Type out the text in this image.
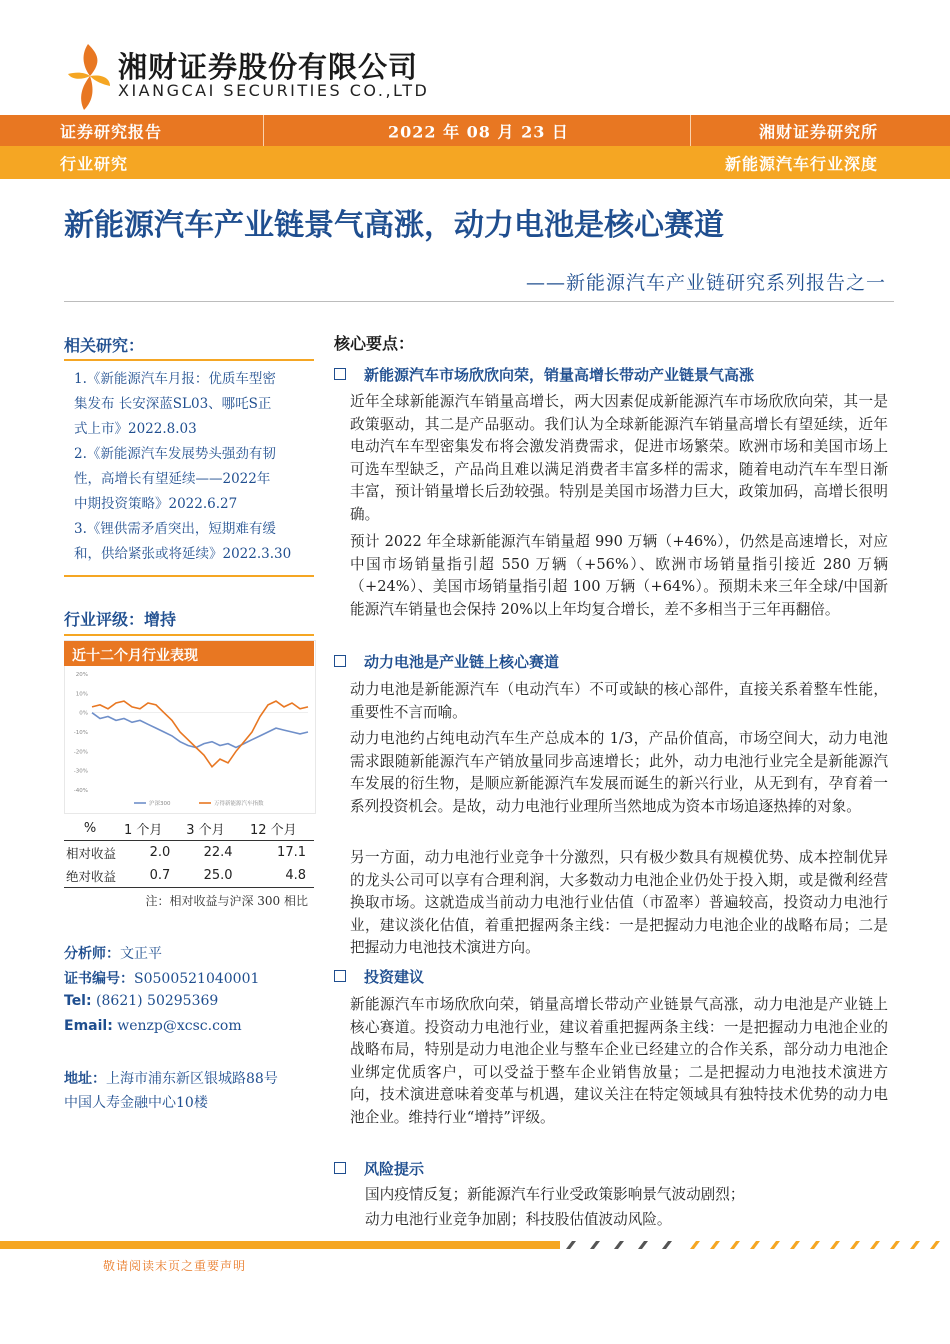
湘财证券股份有限公司
XIANGCAI SECURITIES CO.,LTD
证券研究报告	2022 年 08 月 23 日	湘财证券研究所
行业研究	新能源汽车行业深度
新能源汽车产业链景气高涨，动力电池是核心赛道
——新能源汽车产业链研究系列报告之一
相关研究：
1.《新能源汽车月报：优质车型密
集发布 长安深蓝SL03、哪吒S正
式上市》2022.8.03
2.《新能源汽车发展势头强劲有韧
性，高增长有望延续——2022年
中期投资策略》2022.6.27
3.《锂供需矛盾突出，短期难有缓
和，供给紧张或将延续》2022.3.30
行业评级：增持
近十二个月行业表现
20%
10%
0%
-10%
-20%
-30%
-40%
沪深300	万得新能源汽车指数
%	1 个月	3 个月	12 个月
相对收益	2.0	22.4	17.1
绝对收益	0.7	25.0	4.8
注：相对收益与沪深 300 相比
分析师：文正平
证书编号：S0500521040001
Tel: (8621) 50295369
Email: wenzp@xcsc.com
地址：上海市浦东新区银城路88号
中国人寿金融中心10楼
核心要点：
新能源汽车市场欣欣向荣，销量高增长带动产业链景气高涨
近年全球新能源汽车销量高增长，两大因素促成新能源汽车市场欣欣向荣，其一是政策驱动，其二是产品驱动。我们认为全球新能源汽车销量高增长有望延续，近年电动汽车车型密集发布将会激发消费需求，促进市场繁荣。欧洲市场和美国市场上可选车型缺乏，产品尚且难以满足消费者丰富多样的需求，随着电动汽车车型日渐丰富，预计销量增长后劲较强。特别是美国市场潜力巨大，政策加码，高增长很明确。
预计 2022 年全球新能源汽车销量超 990 万辆（+46%），仍然是高速增长，对应中国市场销量指引超 550 万辆（+56%）、欧洲市场销量指引接近 280 万辆（+24%）、美国市场销量指引超 100 万辆（+64%）。预期未来三年全球/中国新能源汽车销量也会保持 20%以上年均复合增长，差不多相当于三年再翻倍。
动力电池是产业链上核心赛道
动力电池是新能源汽车（电动汽车）不可或缺的核心部件，直接关系着整车性能，重要性不言而喻。
动力电池约占纯电动汽车生产总成本的 1/3，产品价值高，市场空间大，动力电池需求跟随新能源汽车产销放量同步高速增长；此外，动力电池行业完全是新能源汽车发展的衍生物，是顺应新能源汽车发展而诞生的新兴行业，从无到有，孕育着一系列投资机会。是故，动力电池行业理所当然地成为资本市场追逐热捧的对象。
另一方面，动力电池行业竞争十分激烈，只有极少数具有规模优势、成本控制优异的龙头公司可以享有合理利润，大多数动力电池企业仍处于投入期，或是微利经营换取市场。这就造成当前动力电池行业估值（市盈率）普遍较高，投资动力电池行业，建议淡化估值，着重把握两条主线：一是把握动力电池企业的战略布局；二是把握动力电池技术演进方向。
投资建议
新能源汽车市场欣欣向荣，销量高增长带动产业链景气高涨，动力电池是产业链上核心赛道。投资动力电池行业，建议着重把握两条主线：一是把握动力电池企业的战略布局，特别是动力电池企业与整车企业已经建立的合作关系，部分动力电池企业绑定优质客户，可以受益于整车企业销售放量；二是把握动力电池技术演进方向，技术演进意味着变革与机遇，建议关注在特定领域具有独特技术优势的动力电池企业。维持行业“增持”评级。
风险提示
国内疫情反复；新能源汽车行业受政策影响景气波动剧烈；
动力电池行业竞争加剧；科技股估值波动风险。
敬请阅读末页之重要声明
